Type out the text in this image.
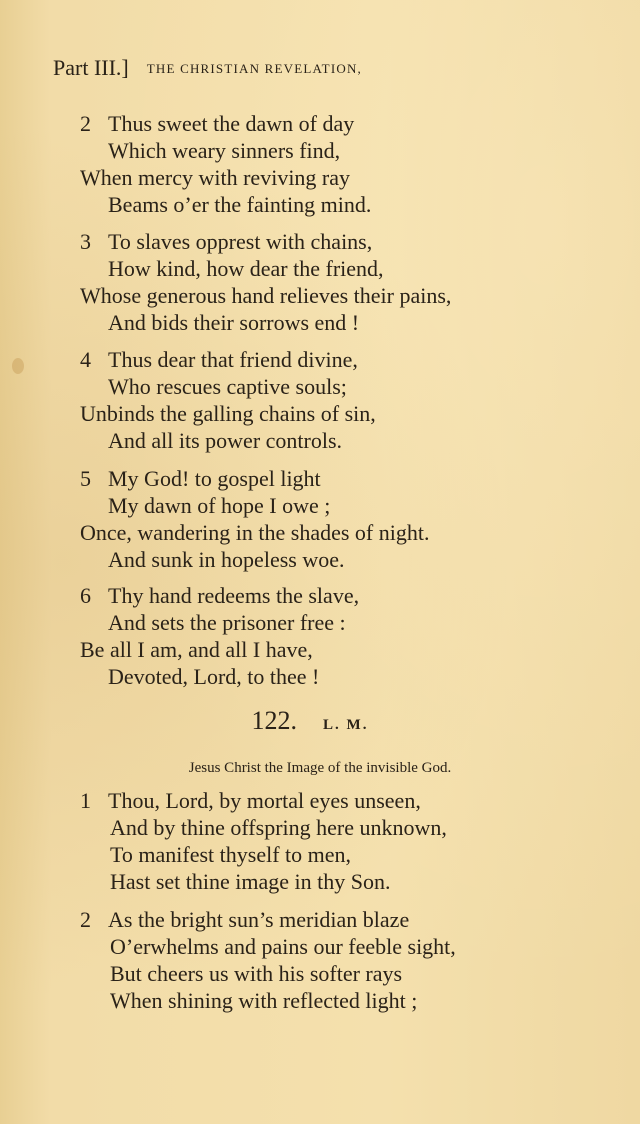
Part III.] THE CHRISTIAN REVELATION,
2 Thus sweet the dawn of day
Which weary sinners find,
When mercy with reviving ray
Beams o’er the fainting mind.
3 To slaves opprest with chains,
How kind, how dear the friend,
Whose generous hand relieves their pains,
And bids their sorrows end !
4 Thus dear that friend divine,
Who rescues captive souls;
Unbinds the galling chains of sin,
And all its power controls.
5 My God! to gospel light
My dawn of hope I owe ;
Once, wandering in the shades of night.
And sunk in hopeless woe.
6 Thy hand redeems the slave,
And sets the prisoner free :
Be all I am, and all I have,
Devoted, Lord, to thee !
122. L. M.
Jesus Christ the Image of the invisible God.
1 Thou, Lord, by mortal eyes unseen,
And by thine offspring here unknown,
To manifest thyself to men,
Hast set thine image in thy Son.
2 As the bright sun’s meridian blaze
O’erwhelms and pains our feeble sight,
But cheers us with his softer rays
When shining with reflected light ;
